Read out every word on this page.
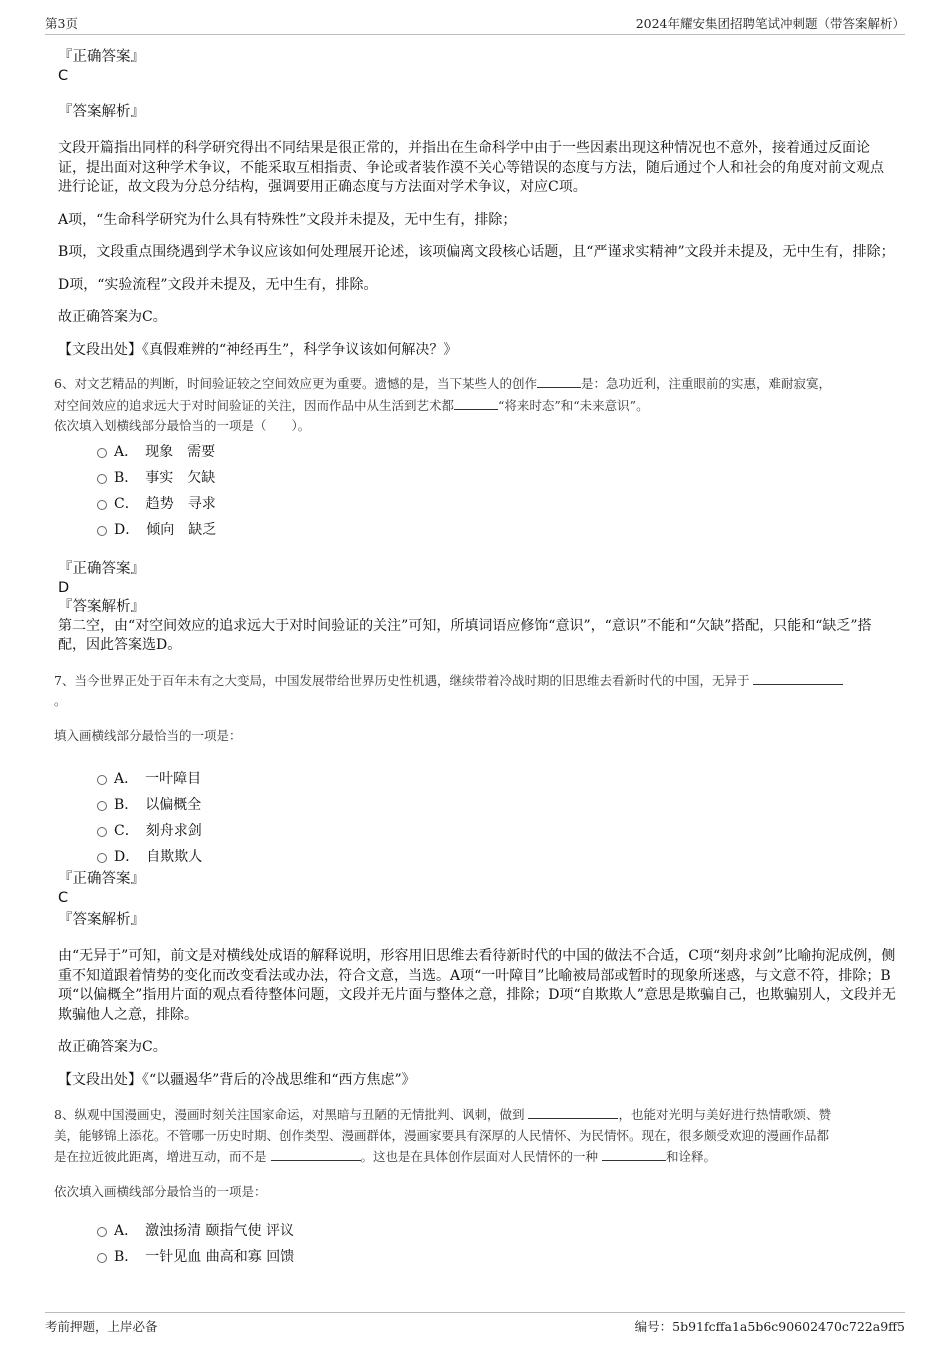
第3页	2024年耀安集团招聘笔试冲刺题（带答案解析）
『正确答案』
C
『答案解析』

文段开篇指出同样的科学研究得出不同结果是很正常的，并指出在生命科学中由于一些因素出现这种情况也不意外，接着通过反面论证，提出面对这种学术争议，不能采取互相指责、争论或者装作漠不关心等错误的态度与方法，随后通过个人和社会的角度对前文观点进行论证，故文段为分总分结构，强调要用正确态度与方法面对学术争议，对应C项。

A项，“生命科学研究为什么具有特殊性”文段并未提及，无中生有，排除；

B项，文段重点围绕遇到学术争议应该如何处理展开论述，该项偏离文段核心话题，且“严谨求实精神”文段并未提及，无中生有，排除；

D项，“实验流程”文段并未提及，无中生有，排除。

故正确答案为C。

【文段出处】《真假难辨的“神经再生”，科学争议该如何解决？》

6、对文艺精品的判断，时间验证较之空间效应更为重要。遗憾的是，当下某些人的创作	是：急功近利，注重眼前的实惠，难耐寂寞，

对空间效应的追求远大于对时间验证的关注，因而作品中从生活到艺术都	“将来时态”和“未来意识”。

依次填入划横线部分最恰当的一项是（　　）。

A．　现象　需要
B．　事实　欠缺
C．　趋势　寻求
D．　倾向　缺乏
『正确答案』
D
『答案解析』

第二空，由“对空间效应的追求远大于对时间验证的关注”可知，所填词语应修饰“意识”，“意识”不能和“欠缺”搭配，只能和“缺乏”搭配，因此答案选D。

7、当今世界正处于百年未有之大变局，中国发展带给世界历史性机遇，继续带着冷战时期的旧思维去看新时代的中国，无异于

。

填入画横线部分最恰当的一项是：

A．　一叶障目
B．　以偏概全
C．　刻舟求剑
D．　自欺欺人
『正确答案』
C
『答案解析』

由“无异于”可知，前文是对横线处成语的解释说明，形容用旧思维去看待新时代的中国的做法不合适，C项“刻舟求剑”比喻拘泥成例，侧重不知道跟着情势的变化而改变看法或办法，符合文意，当选。A项“一叶障目”比喻被局部或暂时的现象所迷惑，与文意不符，排除；B项“以偏概全”指用片面的观点看待整体问题，文段并无片面与整体之意，排除；D项“自欺欺人”意思是欺骗自己，也欺骗别人，文段并无欺骗他人之意，排除。

故正确答案为C。

【文段出处】《“以疆遏华”背后的冷战思维和“西方焦虑”》

8、纵观中国漫画史，漫画时刻关注国家命运，对黑暗与丑陋的无情批判、讽刺，做到	，也能对光明与美好进行热情歌颂、赞

美，能够锦上添花。不管哪一历史时期、创作类型、漫画群体，漫画家要具有深厚的人民情怀、为民情怀。现在，很多颇受欢迎的漫画作品都

是在拉近彼此距离，增进互动，而不是	。这也是在具体创作层面对人民情怀的一种	和诠释。

依次填入画横线部分最恰当的一项是：

A．　激浊扬清 颐指气使 评议
B．　一针见血 曲高和寡 回馈
考前押题，上岸必备	编号：5b91fcffa1a5b6c90602470c722a9ff5
